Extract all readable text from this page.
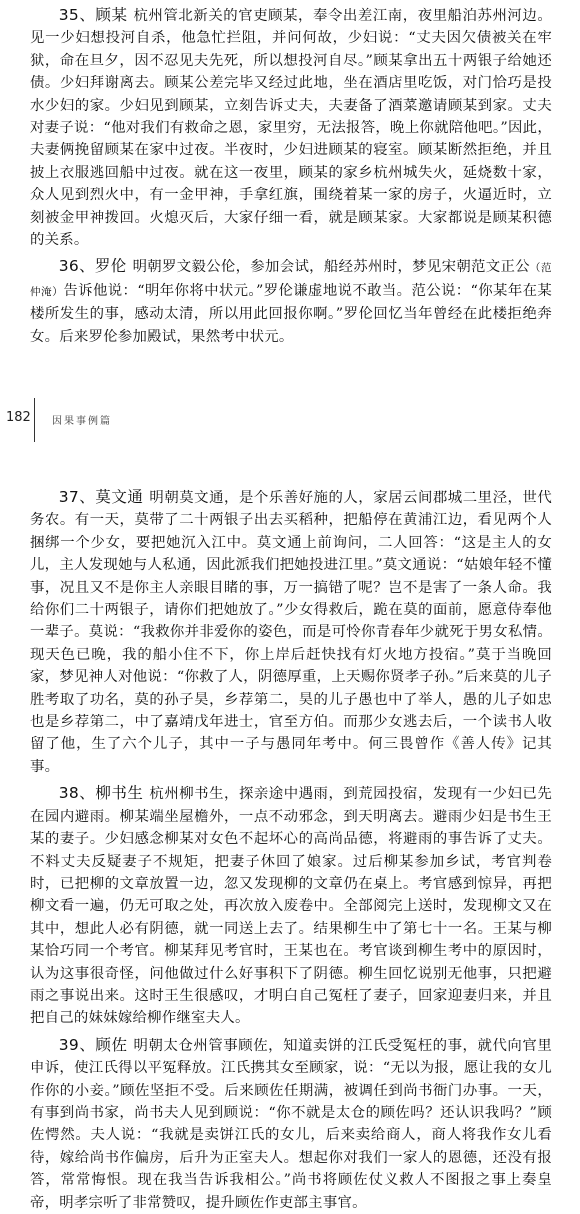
35、顾某 杭州管北新关的官吏顾某，奉令出差江南，夜里船泊苏州河边。见一少妇想投河自杀，他急忙拦阻，并问何故，少妇说：“丈夫因欠债被关在牢狱，命在旦夕，因不忍见夫先死，所以想投河自尽。”顾某拿出五十两银子给她还债。少妇拜谢离去。顾某公差完毕又经过此地，坐在酒店里吃饭，对门恰巧是投水少妇的家。少妇见到顾某，立刻告诉丈夫，夫妻备了酒菜邀请顾某到家。丈夫对妻子说：“他对我们有救命之恩，家里穷，无法报答，晚上你就陪他吧。”因此，夫妻俩挽留顾某在家中过夜。半夜时，少妇进顾某的寝室。顾某断然拒绝，并且披上衣服逃回船中过夜。就在这一夜里，顾某的家乡杭州城失火，延烧数十家，众人见到烈火中，有一金甲神，手拿红旗，围绕着某一家的房子，火逼近时，立刻被金甲神拨回。火熄灭后，大家仔细一看，就是顾某家。大家都说是顾某积德的关系。

36、罗伦 明朝罗文毅公伦，参加会试，船经苏州时，梦见宋朝范文正公（范仲淹）告诉他说：“明年你将中状元。”罗伦谦虚地说不敢当。范公说：“你某年在某楼所发生的事，感动太清，所以用此回报你啊。”罗伦回忆当年曾经在此楼拒绝奔女。后来罗伦参加殿试，果然考中状元。

182 因果事例篇

37、莫文通 明朝莫文通，是个乐善好施的人，家居云间郡城二里泾，世代务农。有一天，莫带了二十两银子出去买稻种，把船停在黄浦江边，看见两个人捆绑一个少女，要把她沉入江中。莫文通上前询问，二人回答：“这是主人的女儿，主人发现她与人私通，因此派我们把她投进江里。”莫文通说：“姑娘年轻不懂事，况且又不是你主人亲眼目睹的事，万一搞错了呢？岂不是害了一条人命。我给你们二十两银子，请你们把她放了。”少女得救后，跪在莫的面前，愿意侍奉他一辈子。莫说：“我救你并非爱你的姿色，而是可怜你青春年少就死于男女私情。现天色已晚，我的船小住不下，你上岸后赶快找有灯火地方投宿。”莫于当晚回家，梦见神人对他说：“你救了人，阴德厚重，上天赐你贤孝子孙。”后来莫的儿子胜考取了功名，莫的孙子昊，乡荐第二，昊的儿子愚也中了举人，愚的儿子如忠也是乡荐第二，中了嘉靖戊年进士，官至方伯。而那少女逃去后，一个读书人收留了他，生了六个儿子，其中一子与愚同年考中。何三畏曾作《善人传》记其事。

38、柳书生 杭州柳书生，探亲途中遇雨，到荒园投宿，发现有一少妇已先在园内避雨。柳某端坐屋檐外，一点不动邪念，到天明离去。避雨少妇是书生王某的妻子。少妇感念柳某对女色不起坏心的高尚品德，将避雨的事告诉了丈夫。不料丈夫反疑妻子不规矩，把妻子休回了娘家。过后柳某参加乡试，考官判卷时，已把柳的文章放置一边，忽又发现柳的文章仍在桌上。考官感到惊异，再把柳文看一遍，仍无可取之处，再次放入废卷中。全部阅完上送时，发现柳文又在其中，想此人必有阴德，就一同送上去了。结果柳生中了第七十一名。王某与柳某恰巧同一个考官。柳某拜见考官时，王某也在。考官谈到柳生考中的原因时，认为这事很奇怪，问他做过什么好事积下了阴德。柳生回忆说别无他事，只把避雨之事说出来。这时王生很感叹，才明白自己冤枉了妻子，回家迎妻归来，并且把自己的妹妹嫁给柳作继室夫人。

39、顾佐 明朝太仓州管事顾佐，知道卖饼的江氏受冤枉的事，就代向官里申诉，使江氏得以平冤释放。江氏携其女至顾家，说：“无以为报，愿让我的女儿作你的小妾。”顾佐坚拒不受。后来顾佐任期满，被调任到尚书衙门办事。一天，有事到尚书家，尚书夫人见到顾说：“你不就是太仓的顾佐吗？还认识我吗？”顾佐愕然。夫人说：“我就是卖饼江氏的女儿，后来卖给商人，商人将我作女儿看待，嫁给尚书作偏房，后升为正室夫人。想起你对我们一家人的恩德，还没有报答，常常悔恨。现在我当告诉我相公。”尚书将顾佐仗义救人不图报之事上奏皇帝，明孝宗听了非常赞叹，提升顾佐作吏部主事官。
